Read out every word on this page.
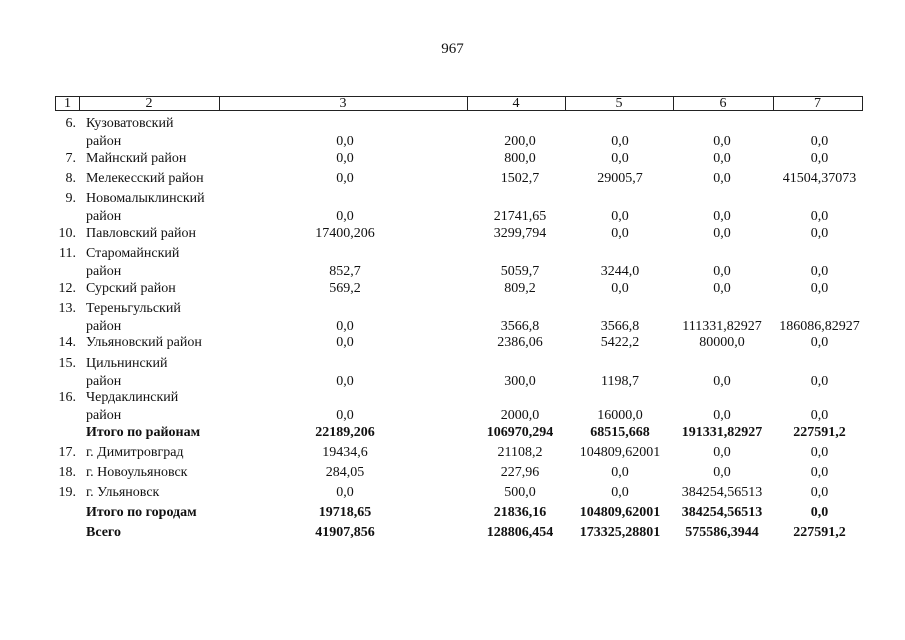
967
1	2	3	4	5	6	7
6. Кузоватовский
район	0,0	200,0	0,0	0,0	0,0
7. Майнский район	0,0	800,0	0,0	0,0	0,0
8. Мелекесский район	0,0	1502,7	29005,7	0,0	41504,37073
9. Новомалыклинский
район	0,0	21741,65	0,0	0,0	0,0
10. Павловский район	17400,206	3299,794	0,0	0,0	0,0
11. Старомайнский
район	852,7	5059,7	3244,0	0,0	0,0
12. Сурский район	569,2	809,2	0,0	0,0	0,0
13. Тереньгульский
район	0,0	3566,8	3566,8	111331,82927	186086,82927
14. Ульяновский район	0,0	2386,06	5422,2	80000,0	0,0
15. Цильнинский
район	0,0	300,0	1198,7	0,0	0,0
16. Чердаклинский
район	0,0	2000,0	16000,0	0,0	0,0
Итого по районам	22189,206	106970,294	68515,668	191331,82927	227591,2
17. г. Димитровград	19434,6	21108,2	104809,62001	0,0	0,0
18. г. Новоульяновск	284,05	227,96	0,0	0,0	0,0
19. г. Ульяновск	0,0	500,0	0,0	384254,56513	0,0
Итого по городам	19718,65	21836,16	104809,62001	384254,56513	0,0
Всего	41907,856	128806,454	173325,28801	575586,3944	227591,2
